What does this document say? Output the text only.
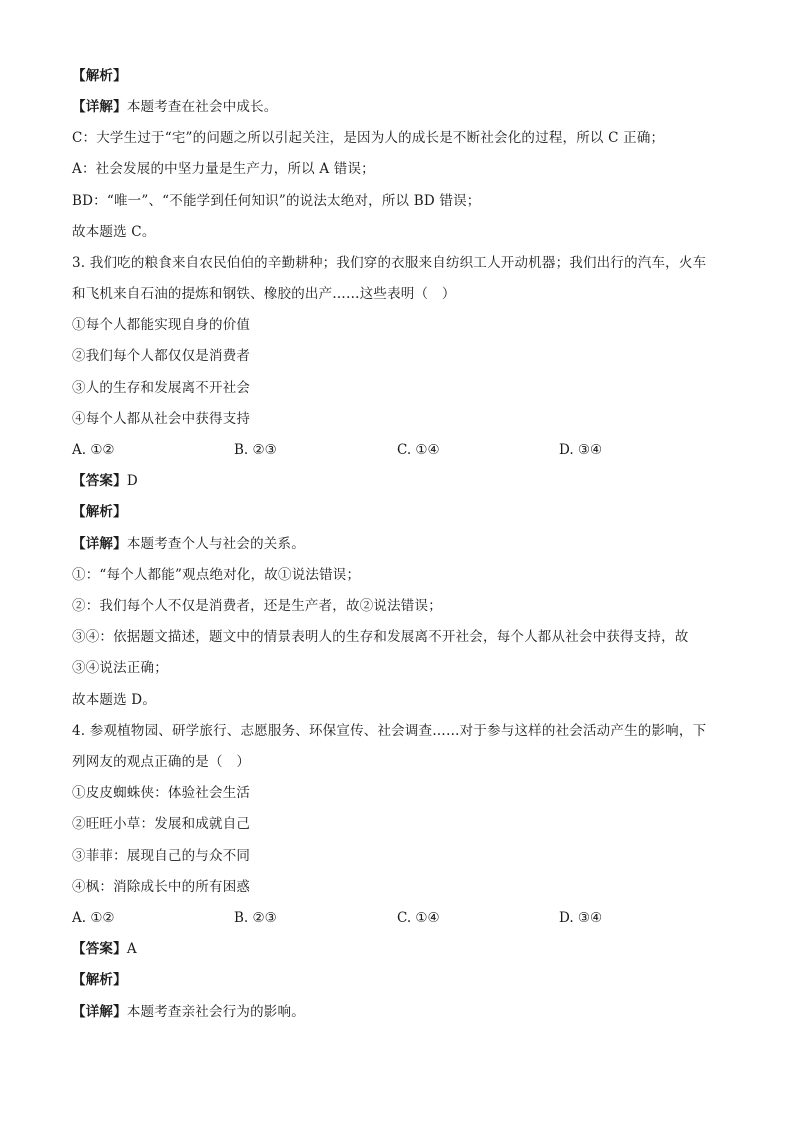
【解析】
【详解】本题考查在社会中成长。
C：大学生过于“宅”的问题之所以引起关注，是因为人的成长是不断社会化的过程，所以 C 正确；
A：社会发展的中坚力量是生产力，所以 A 错误；
BD：“唯一”、“不能学到任何知识”的说法太绝对，所以 BD 错误；
故本题选 C。
3. 我们吃的粮食来自农民伯伯的辛勤耕种；我们穿的衣服来自纺织工人开动机器；我们出行的汽车，火车
和飞机来自石油的提炼和钢铁、橡胶的出产……这些表明（　）
①每个人都能实现自身的价值
②我们每个人都仅仅是消费者
③人的生存和发展离不开社会
④每个人都从社会中获得支持
A. ①②	B. ②③	C. ①④	D. ③④
【答案】D
【解析】
【详解】本题考查个人与社会的关系。
①：“每个人都能”观点绝对化，故①说法错误；
②：我们每个人不仅是消费者，还是生产者，故②说法错误；
③④：依据题文描述，题文中的情景表明人的生存和发展离不开社会，每个人都从社会中获得支持，故
③④说法正确；
故本题选 D。
4. 参观植物园、研学旅行、志愿服务、环保宣传、社会调查……对于参与这样的社会活动产生的影响，下
列网友的观点正确的是（　）
①皮皮蜘蛛侠：体验社会生活
②旺旺小草：发展和成就自己
③菲菲：展现自己的与众不同
④枫：消除成长中的所有困惑
A. ①②	B. ②③	C. ①④	D. ③④
【答案】A
【解析】
【详解】本题考查亲社会行为的影响。
